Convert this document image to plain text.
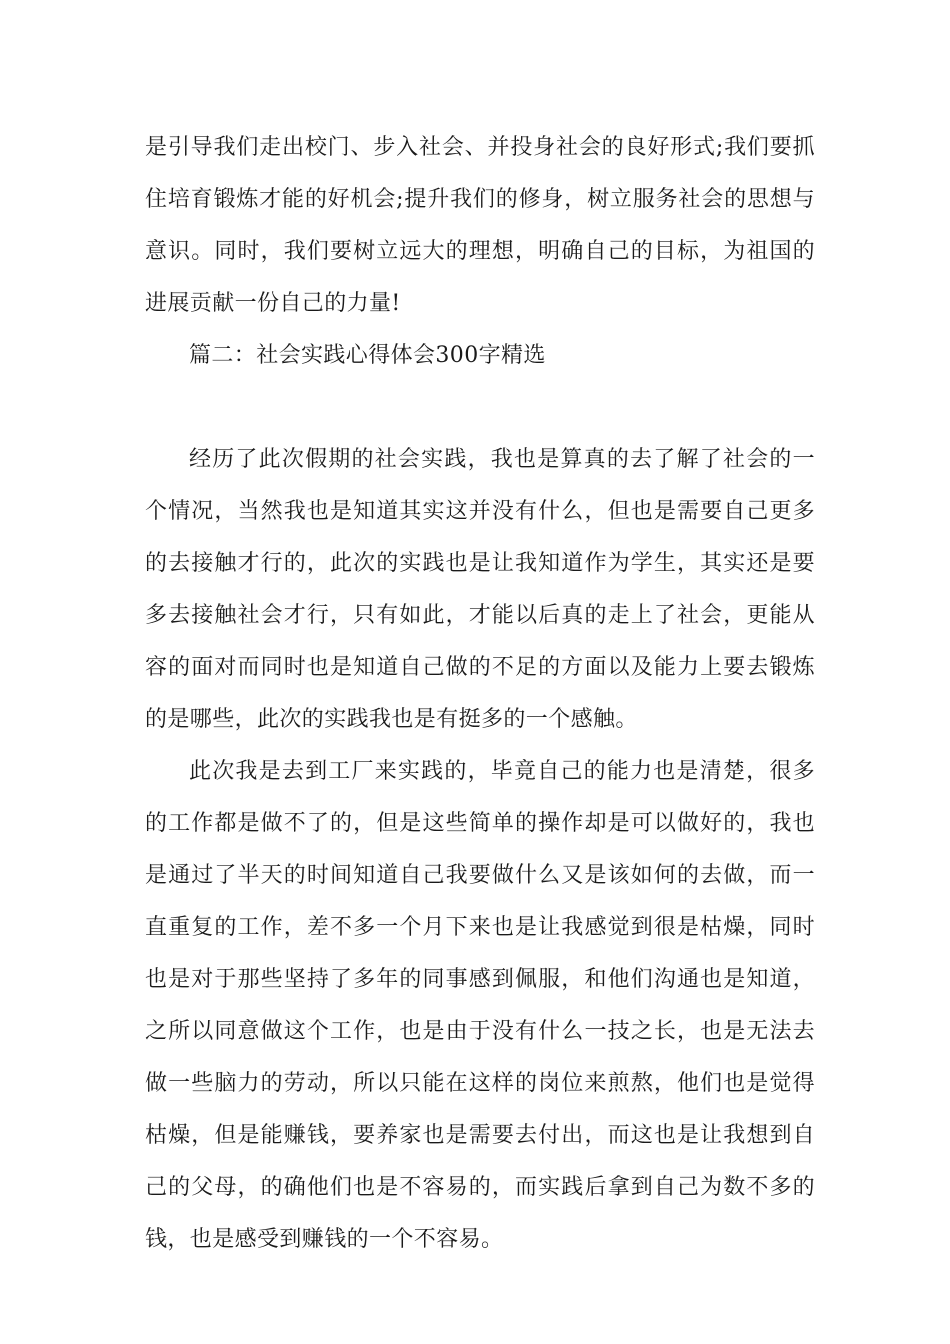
是引导我们走出校门、步入社会、并投身社会的良好形式;我们要抓住培育锻炼才能的好机会;提升我们的修身，树立服务社会的思想与意识。同时，我们要树立远大的理想，明确自己的目标，为祖国的进展贡献一份自己的力量!

篇二：社会实践心得体会300字精选

经历了此次假期的社会实践，我也是算真的去了解了社会的一个情况，当然我也是知道其实这并没有什么，但也是需要自己更多的去接触才行的，此次的实践也是让我知道作为学生，其实还是要多去接触社会才行，只有如此，才能以后真的走上了社会，更能从容的面对而同时也是知道自己做的不足的方面以及能力上要去锻炼的是哪些，此次的实践我也是有挺多的一个感触。

此次我是去到工厂来实践的，毕竟自己的能力也是清楚，很多的工作都是做不了的，但是这些简单的操作却是可以做好的，我也是通过了半天的时间知道自己我要做什么又是该如何的去做，而一直重复的工作，差不多一个月下来也是让我感觉到很是枯燥，同时也是对于那些坚持了多年的同事感到佩服，和他们沟通也是知道，之所以同意做这个工作，也是由于没有什么一技之长，也是无法去做一些脑力的劳动，所以只能在这样的岗位来煎熬，他们也是觉得枯燥，但是能赚钱，要养家也是需要去付出，而这也是让我想到自己的父母，的确他们也是不容易的，而实践后拿到自己为数不多的钱，也是感受到赚钱的一个不容易。
